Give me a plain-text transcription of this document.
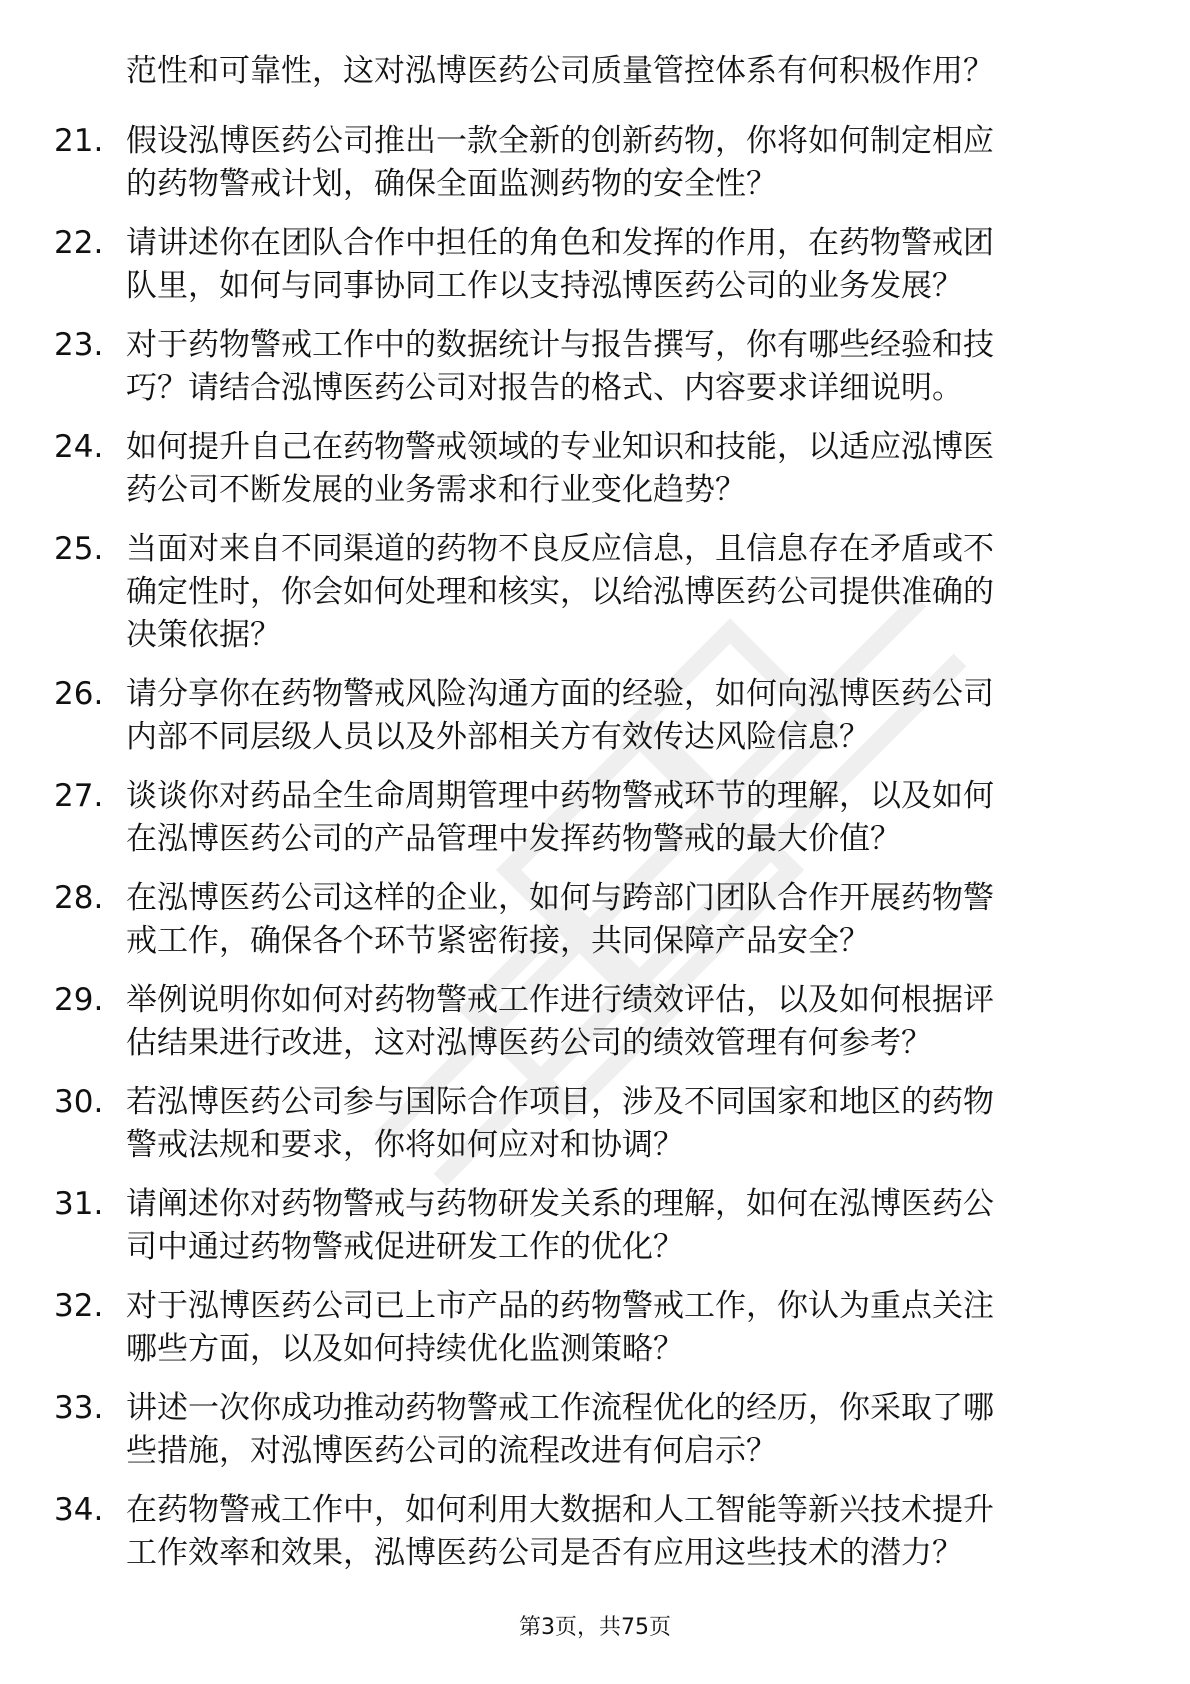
范性和可靠性，这对泓博医药公司质量管控体系有何积极作用？
21. 假设泓博医药公司推出一款全新的创新药物，你将如何制定相应
的药物警戒计划，确保全面监测药物的安全性？
22. 请讲述你在团队合作中担任的角色和发挥的作用，在药物警戒团
队里，如何与同事协同工作以支持泓博医药公司的业务发展？
23. 对于药物警戒工作中的数据统计与报告撰写，你有哪些经验和技
巧？请结合泓博医药公司对报告的格式、内容要求详细说明。
24. 如何提升自己在药物警戒领域的专业知识和技能，以适应泓博医
药公司不断发展的业务需求和行业变化趋势？
25. 当面对来自不同渠道的药物不良反应信息，且信息存在矛盾或不
确定性时，你会如何处理和核实，以给泓博医药公司提供准确的
决策依据？
26. 请分享你在药物警戒风险沟通方面的经验，如何向泓博医药公司
内部不同层级人员以及外部相关方有效传达风险信息？
27. 谈谈你对药品全生命周期管理中药物警戒环节的理解，以及如何
在泓博医药公司的产品管理中发挥药物警戒的最大价值？
28. 在泓博医药公司这样的企业，如何与跨部门团队合作开展药物警
戒工作，确保各个环节紧密衔接，共同保障产品安全？
29. 举例说明你如何对药物警戒工作进行绩效评估，以及如何根据评
估结果进行改进，这对泓博医药公司的绩效管理有何参考？
30. 若泓博医药公司参与国际合作项目，涉及不同国家和地区的药物
警戒法规和要求，你将如何应对和协调？
31. 请阐述你对药物警戒与药物研发关系的理解，如何在泓博医药公
司中通过药物警戒促进研发工作的优化？
32. 对于泓博医药公司已上市产品的药物警戒工作，你认为重点关注
哪些方面，以及如何持续优化监测策略？
33. 讲述一次你成功推动药物警戒工作流程优化的经历，你采取了哪
些措施，对泓博医药公司的流程改进有何启示？
34. 在药物警戒工作中，如何利用大数据和人工智能等新兴技术提升
工作效率和效果，泓博医药公司是否有应用这些技术的潜力？
第3页，共75页
